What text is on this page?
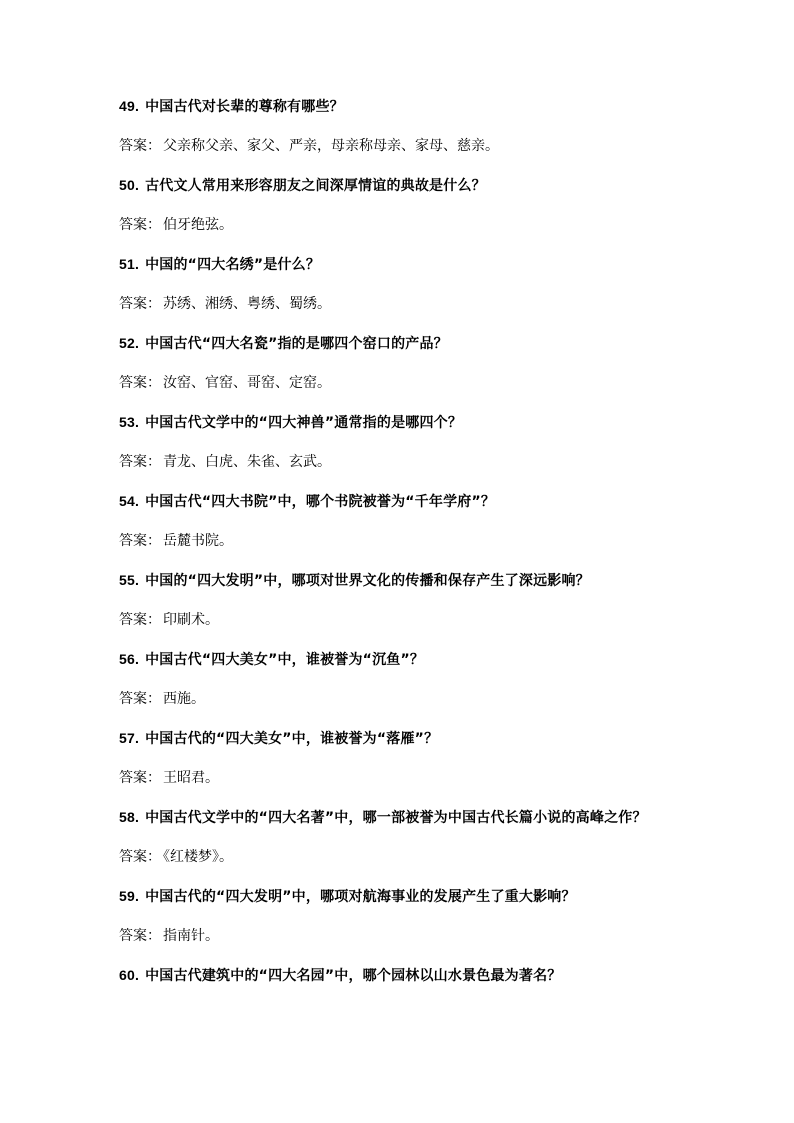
49. 中国古代对长辈的尊称有哪些？

答案： 父亲称父亲、家父、严亲，母亲称母亲、家母、慈亲。

50. 古代文人常用来形容朋友之间深厚情谊的典故是什么？

答案： 伯牙绝弦。

51. 中国的“四大名绣”是什么？

答案： 苏绣、湘绣、粤绣、蜀绣。

52. 中国古代“四大名瓷”指的是哪四个窑口的产品？

答案： 汝窑、官窑、哥窑、定窑。

53. 中国古代文学中的“四大神兽”通常指的是哪四个？

答案： 青龙、白虎、朱雀、玄武。

54. 中国古代“四大书院”中，哪个书院被誉为“千年学府”？

答案： 岳麓书院。

55. 中国的“四大发明”中，哪项对世界文化的传播和保存产生了深远影响？

答案： 印刷术。

56. 中国古代“四大美女”中，谁被誉为“沉鱼”？

答案： 西施。

57. 中国古代的“四大美女”中，谁被誉为“落雁”？

答案： 王昭君。

58. 中国古代文学中的“四大名著”中，哪一部被誉为中国古代长篇小说的高峰之作？

答案： 《红楼梦》。

59. 中国古代的“四大发明”中，哪项对航海事业的发展产生了重大影响？

答案： 指南针。

60. 中国古代建筑中的“四大名园”中，哪个园林以山水景色最为著名？
